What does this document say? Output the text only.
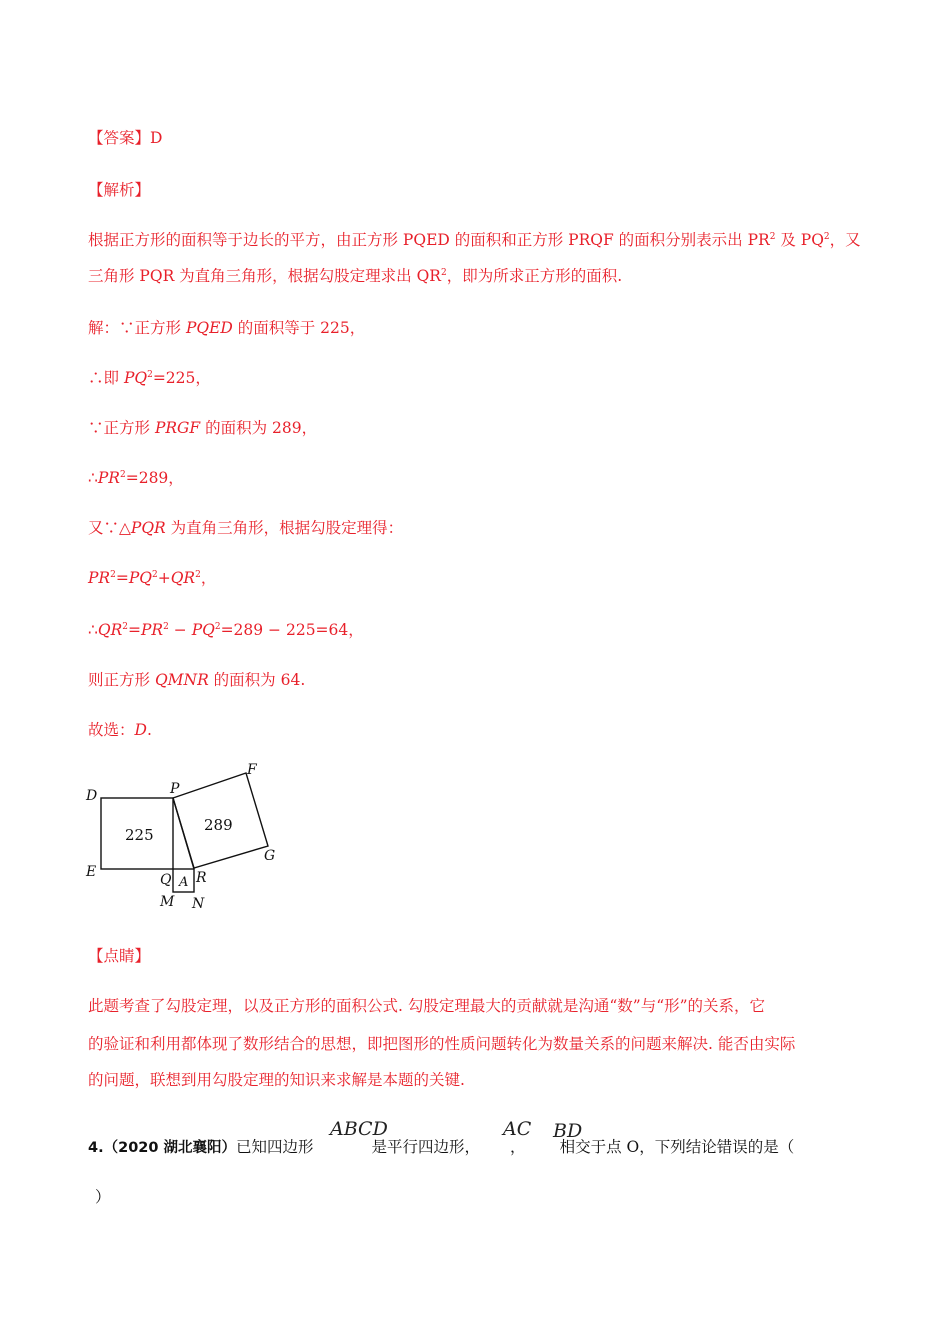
【答案】D
【解析】
根据正方形的面积等于边长的平方，由正方形 PQED 的面积和正方形 PRQF 的面积分别表示出 $PR^2$ 及 $PQ^2$，又
三角形 PQR 为直角三角形，根据勾股定理求出 $QR^2$，即为所求正方形的面积.
解：∵正方形 PQED 的面积等于 225，
∴即 $PQ^2=225$，
∵正方形 PRGF 的面积为 289，
$\therefore PR^2=289$，
又∵△PQR 为直角三角形，根据勾股定理得：
$PR^2=PQ^2+QR^2$，
$\therefore QR^2=PR^2 - PQ^2=289 - 225=64$，
则正方形 QMNR 的面积为 64.
故选：D.
D	P
F
E	Q R
G
M N
A
225
289
【点睛】
此题考查了勾股定理，以及正方形的面积公式. 勾股定理最大的贡献就是沟通“数”与“形”的关系，它
的验证和利用都体现了数形结合的思想，即把图形的性质问题转化为数量关系的问题来解决. 能否由实际
的问题，联想到用勾股定理的知识来求解是本题的关键.
4.（2020 湖北襄阳）已知四边形	是平行四边形， ， 相交于点 O，下列结论错误的是（
ABCD	AC BD
）
